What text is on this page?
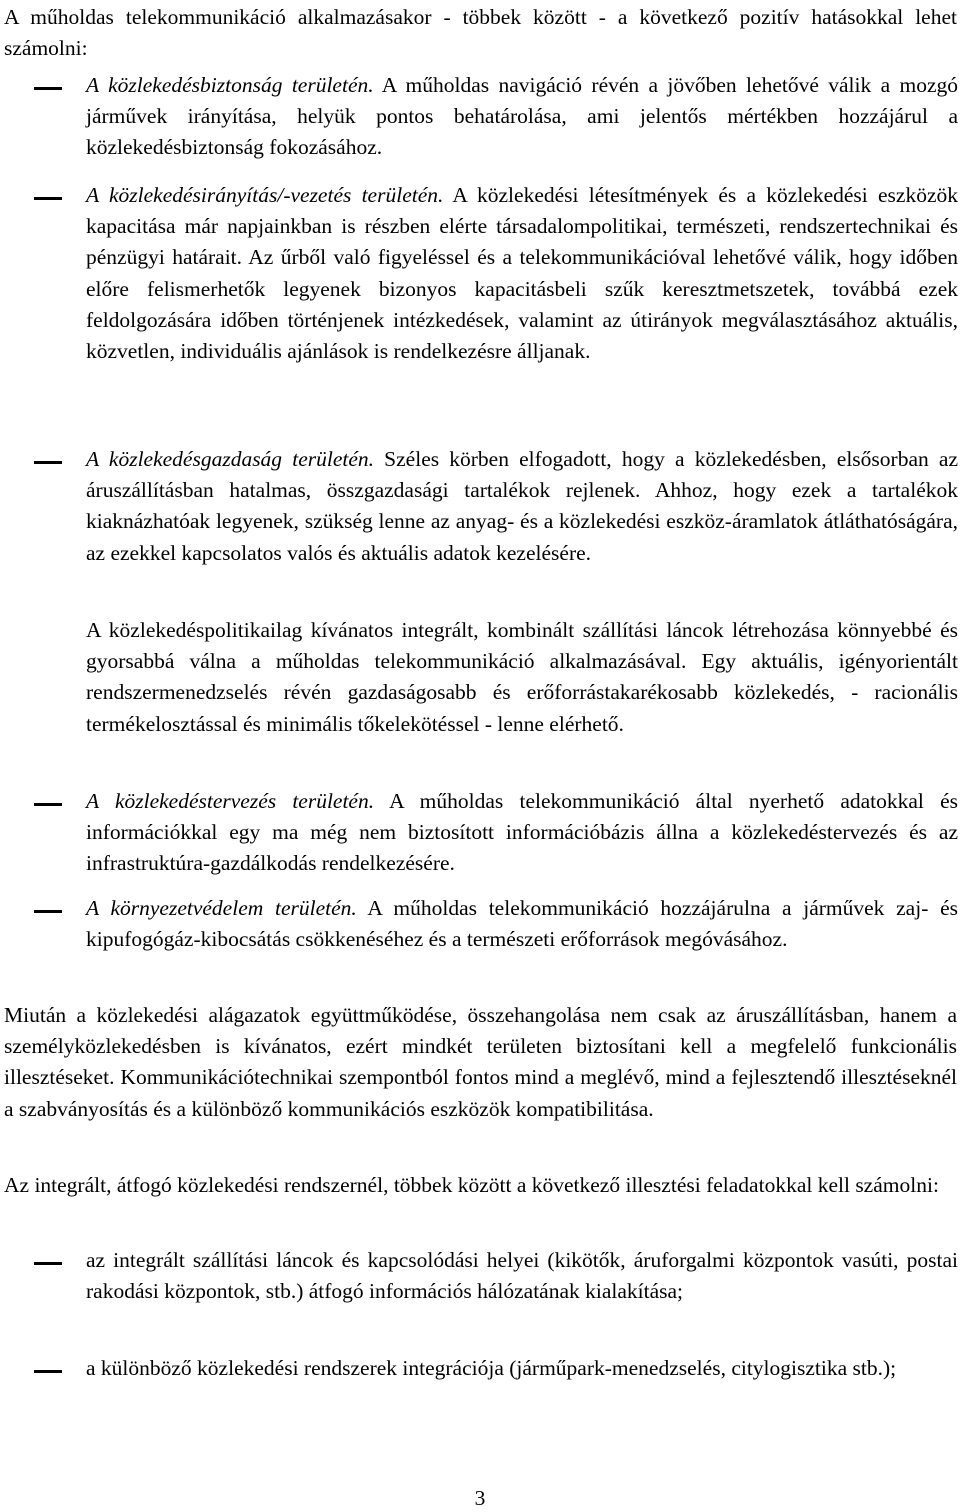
A műholdas telekommunikáció alkalmazásakor - többek között - a következő pozitív hatásokkal lehet számolni:

A közlekedésbiztonság területén. A műholdas navigáció révén a jövőben lehetővé válik a mozgó járművek irányítása, helyük pontos behatárolása, ami jelentős mértékben hozzájárul a közlekedésbiztonság fokozásához.

A közlekedésirányítás/-vezetés területén. A közlekedési létesítmények és a közlekedési eszközök kapacitása már napjainkban is részben elérte társadalompolitikai, természeti, rendszertechnikai és pénzügyi határait. Az űrből való figyeléssel és a telekommunikációval lehetővé válik, hogy időben előre felismerhetők legyenek bizonyos kapacitásbeli szűk keresztmetszetek, továbbá ezek feldolgozására időben történjenek intézkedések, valamint az útirányok megválasztásához aktuális, közvetlen, individuális ajánlások is rendelkezésre álljanak.

A közlekedésgazdaság területén. Széles körben elfogadott, hogy a közlekedésben, elsősorban az áruszállításban hatalmas, összgazdasági tartalékok rejlenek. Ahhoz, hogy ezek a tartalékok kiaknázhatóak legyenek, szükség lenne az anyag- és a közlekedési eszköz-áramlatok átláthatóságára, az ezekkel kapcsolatos valós és aktuális adatok kezelésére.

A közlekedéspolitikailag kívánatos integrált, kombinált szállítási láncok létrehozása könnyebbé és gyorsabbá válna a műholdas telekommunikáció alkalmazásával. Egy aktuális, igényorientált rendszermenedzselés révén gazdaságosabb és erőforrástakarékosabb közlekedés, - racionális termékelosztással és minimális tőkelekötéssel - lenne elérhető.

A közlekedéstervezés területén. A műholdas telekommunikáció által nyerhető adatokkal és információkkal egy ma még nem biztosított információbázis állna a közlekedéstervezés és az infrastruktúra-gazdálkodás rendelkezésére.

A környezetvédelem területén. A műholdas telekommunikáció hozzájárulna a járművek zaj- és kipufogógáz-kibocsátás csökkenéséhez és a természeti erőforrások megóvásához.

Miután a közlekedési alágazatok együttműködése, összehangolása nem csak az áruszállításban, hanem a személyközlekedésben is kívánatos, ezért mindkét területen biztosítani kell a megfelelő funkcionális illesztéseket. Kommunikációtechnikai szempontból fontos mind a meglévő, mind a fejlesztendő illesztéseknél a szabványosítás és a különböző kommunikációs eszközök kompatibilitása.

Az integrált, átfogó közlekedési rendszernél, többek között a következő illesztési feladatokkal kell számolni:

az integrált szállítási láncok és kapcsolódási helyei (kikötők, áruforgalmi központok vasúti, postai rakodási központok, stb.) átfogó információs hálózatának kialakítása;

a különböző közlekedési rendszerek integrációja (járműpark-menedzselés, citylogisztika stb.);

3
